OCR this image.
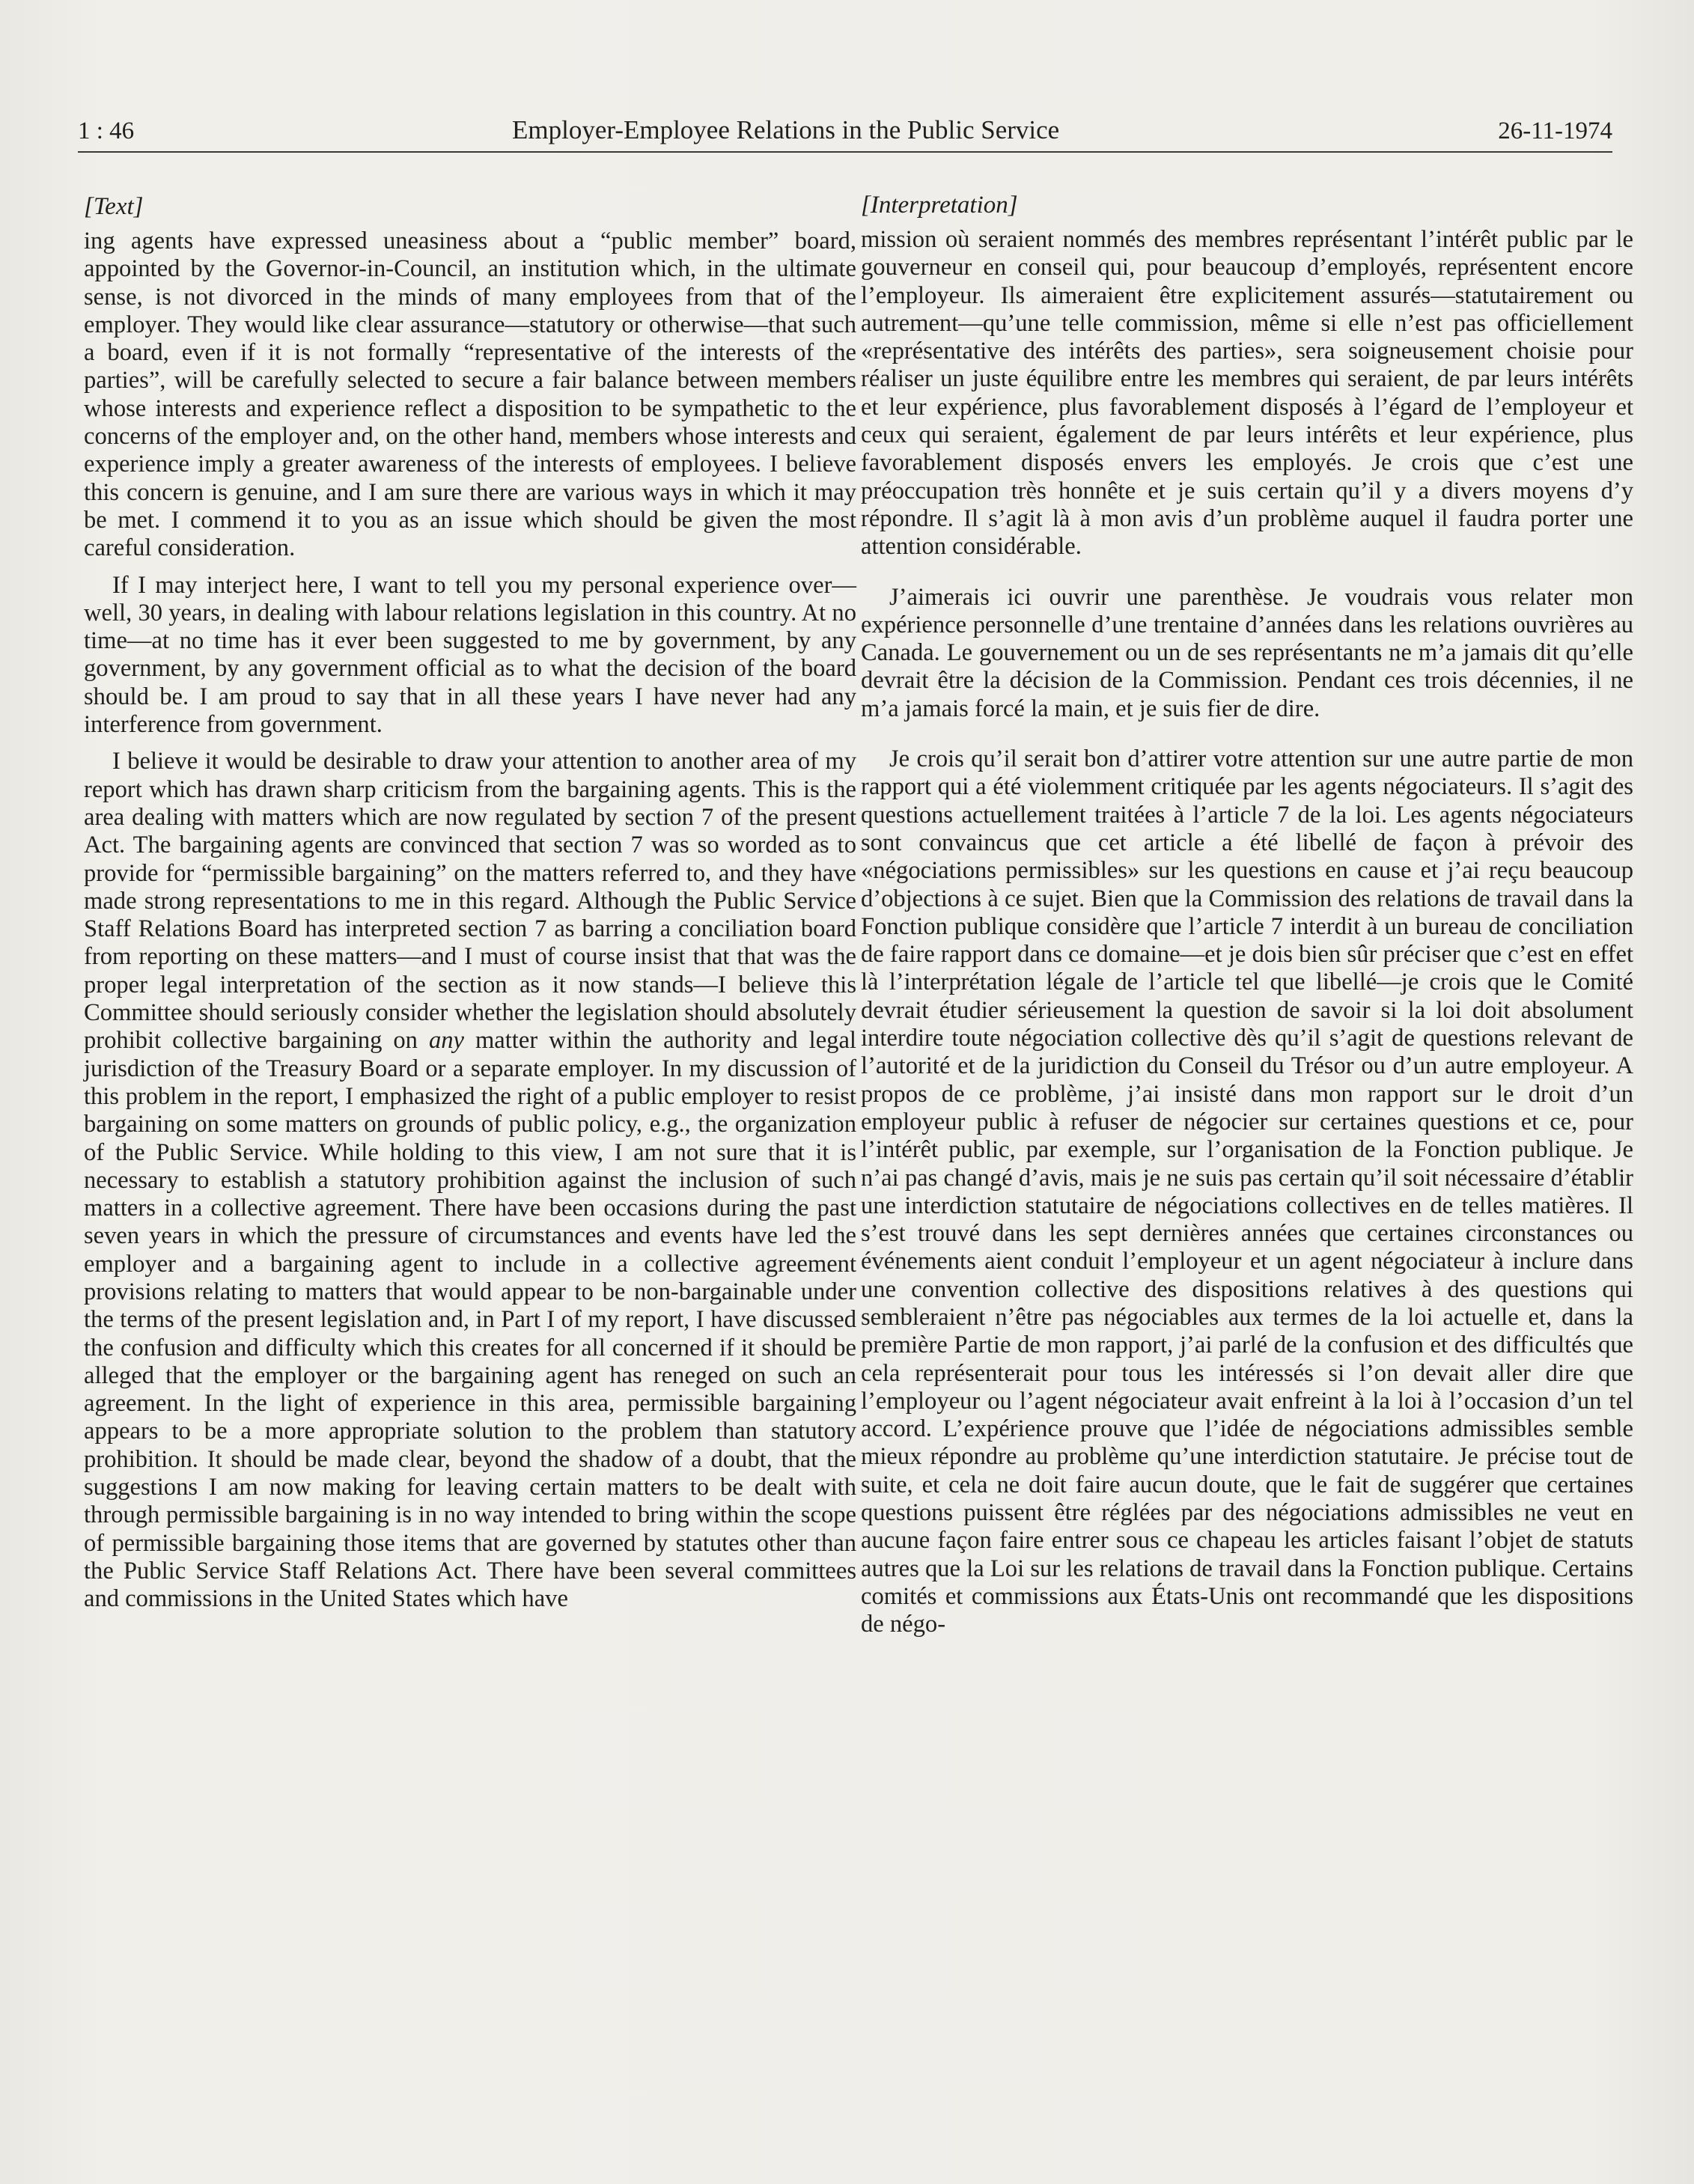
1 : 46	Employer-Employee Relations in the Public Service	26-11-1974
[Text]

ing agents have expressed uneasiness about a “public member” board, appointed by the Governor-in-Council, an institution which, in the ultimate sense, is not divorced in the minds of many employees from that of the employer. They would like clear assurance—statutory or otherwise—that such a board, even if it is not formally “representative of the interests of the parties”, will be carefully selected to secure a fair balance between members whose interests and experience reflect a disposition to be sympathetic to the concerns of the employer and, on the other hand, members whose interests and experience imply a greater awareness of the interests of employees. I believe this concern is genuine, and I am sure there are various ways in which it may be met. I commend it to you as an issue which should be given the most careful consideration.

If I may interject here, I want to tell you my personal experience over—well, 30 years, in dealing with labour relations legislation in this country. At no time—at no time has it ever been suggested to me by government, by any government, by any government official as to what the decision of the board should be. I am proud to say that in all these years I have never had any interference from government.

I believe it would be desirable to draw your attention to another area of my report which has drawn sharp criticism from the bargaining agents. This is the area dealing with matters which are now regulated by section 7 of the present Act. The bargaining agents are convinced that section 7 was so worded as to provide for “permissible bargaining” on the matters referred to, and they have made strong representations to me in this regard. Although the Public Service Staff Relations Board has interpreted section 7 as barring a conciliation board from reporting on these matters—and I must of course insist that that was the proper legal interpretation of the section as it now stands—I believe this Committee should seriously consider whether the legislation should absolutely prohibit collective bargaining on any matter within the authority and legal jurisdiction of the Treasury Board or a separate employer. In my discussion of this problem in the report, I emphasized the right of a public employer to resist bargaining on some matters on grounds of public policy, e.g., the organization of the Public Service. While holding to this view, I am not sure that it is necessary to establish a statutory prohibition against the inclusion of such matters in a collective agreement. There have been occasions during the past seven years in which the pressure of circumstances and events have led the employer and a bargaining agent to include in a collective agreement provisions relating to matters that would appear to be non-bargainable under the terms of the present legislation and, in Part I of my report, I have discussed the confusion and difficulty which this creates for all concerned if it should be alleged that the employer or the bargaining agent has reneged on such an agreement. In the light of experience in this area, permissible bargaining appears to be a more appropriate solution to the problem than statutory prohibition. It should be made clear, beyond the shadow of a doubt, that the suggestions I am now making for leaving certain matters to be dealt with through permissible bargaining is in no way intended to bring within the scope of permissible bargaining those items that are governed by statutes other than the Public Service Staff Relations Act. There have been several committees and commissions in the United States which have

[Interpretation]

mission où seraient nommés des membres représentant l’intérêt public par le gouverneur en conseil qui, pour beaucoup d’employés, représentent encore l’employeur. Ils aimeraient être explicitement assurés—statutairement ou autrement—qu’une telle commission, même si elle n’est pas officiellement «représentative des intérêts des parties», sera soigneusement choisie pour réaliser un juste équilibre entre les membres qui seraient, de par leurs intérêts et leur expérience, plus favorablement disposés à l’égard de l’employeur et ceux qui seraient, également de par leurs intérêts et leur expérience, plus favorablement disposés envers les employés. Je crois que c’est une préoccupation très honnête et je suis certain qu’il y a divers moyens d’y répondre. Il s’agit là à mon avis d’un problème auquel il faudra porter une attention considérable.

J’aimerais ici ouvrir une parenthèse. Je voudrais vous relater mon expérience personnelle d’une trentaine d’années dans les relations ouvrières au Canada. Le gouvernement ou un de ses représentants ne m’a jamais dit qu’elle devrait être la décision de la Commission. Pendant ces trois décennies, il ne m’a jamais forcé la main, et je suis fier de dire.

Je crois qu’il serait bon d’attirer votre attention sur une autre partie de mon rapport qui a été violemment critiquée par les agents négociateurs. Il s’agit des questions actuellement traitées à l’article 7 de la loi. Les agents négociateurs sont convaincus que cet article a été libellé de façon à prévoir des «négociations permissibles» sur les questions en cause et j’ai reçu beaucoup d’objections à ce sujet. Bien que la Commission des relations de travail dans la Fonction publique considère que l’article 7 interdit à un bureau de conciliation de faire rapport dans ce domaine—et je dois bien sûr préciser que c’est en effet là l’interprétation légale de l’article tel que libellé—je crois que le Comité devrait étudier sérieusement la question de savoir si la loi doit absolument interdire toute négociation collective dès qu’il s’agit de questions relevant de l’autorité et de la juridiction du Conseil du Trésor ou d’un autre employeur. A propos de ce problème, j’ai insisté dans mon rapport sur le droit d’un employeur public à refuser de négocier sur certaines questions et ce, pour l’intérêt public, par exemple, sur l’organisation de la Fonction publique. Je n’ai pas changé d’avis, mais je ne suis pas certain qu’il soit nécessaire d’établir une interdiction statutaire de négociations collectives en de telles matières. Il s’est trouvé dans les sept dernières années que certaines circonstances ou événements aient conduit l’employeur et un agent négociateur à inclure dans une convention collective des dispositions relatives à des questions qui sembleraient n’être pas négociables aux termes de la loi actuelle et, dans la première Partie de mon rapport, j’ai parlé de la confusion et des difficultés que cela représenterait pour tous les intéressés si l’on devait aller dire que l’employeur ou l’agent négociateur avait enfreint à la loi à l’occasion d’un tel accord. L’expérience prouve que l’idée de négociations admissibles semble mieux répondre au problème qu’une interdiction statutaire. Je précise tout de suite, et cela ne doit faire aucun doute, que le fait de suggérer que certaines questions puissent être réglées par des négociations admissibles ne veut en aucune façon faire entrer sous ce chapeau les articles faisant l’objet de statuts autres que la Loi sur les relations de travail dans la Fonction publique. Certains comités et commissions aux États-Unis ont recommandé que les dispositions de négo-
